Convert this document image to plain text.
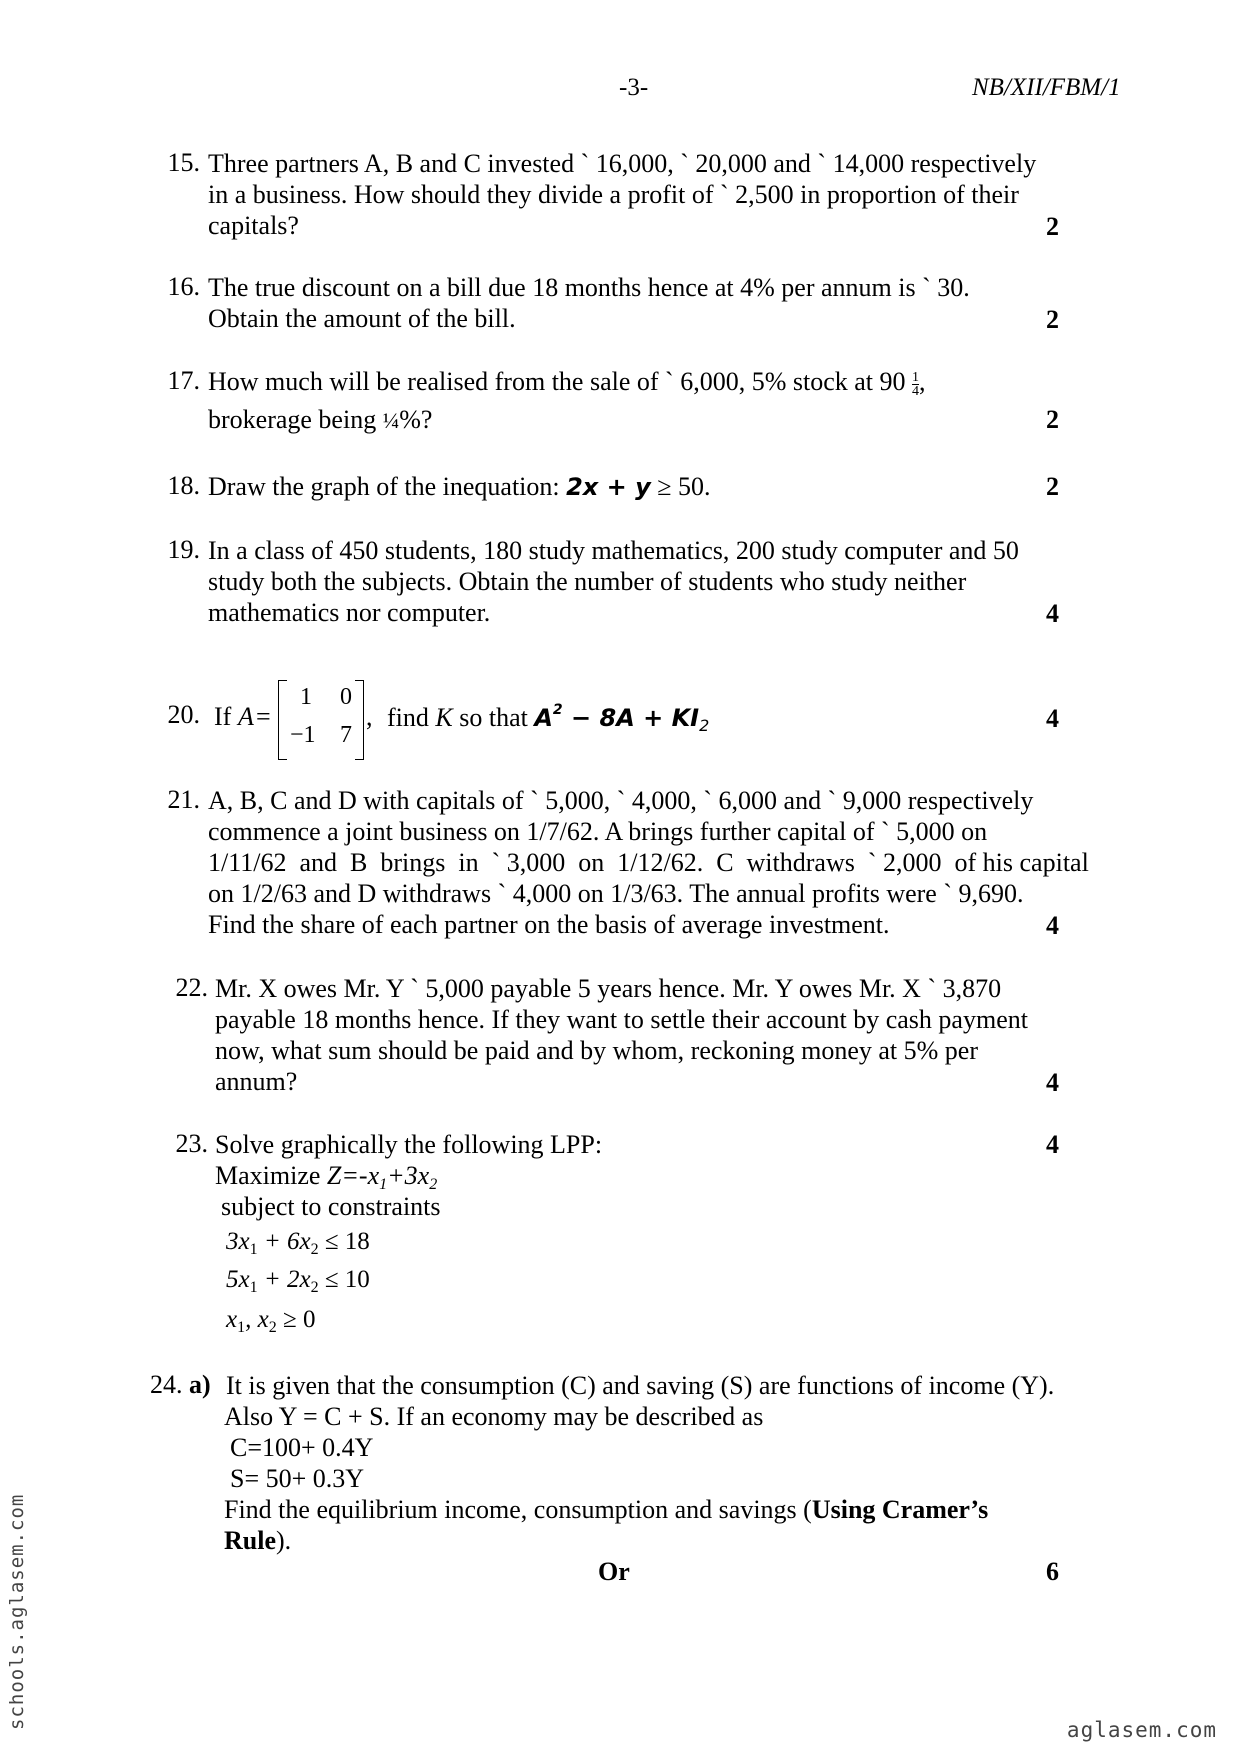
-3-	NB/XII/FBM/1
15. Three partners A, B and C invested ` 16,000, ` 20,000 and ` 14,000 respectively
in a business. How should they divide a profit of ` 2,500 in proportion of their
capitals?	2
16. The true discount on a bill due 18 months hence at 4% per annum is ` 30.
Obtain the amount of the bill.	2
17. How much will be realised from the sale of ` 6,000, 5% stock at $90 \frac{1}{4}$ ,
brokerage being ¼%?	2
18. Draw the graph of the inequation: 2x + y ≥ 50.	2
19. In a class of 450 students, 180 study mathematics, 200 study computer and 50
study both the subjects. Obtain the number of students who study neither
mathematics nor computer.	4
20. If A =
1 0
−1 7
, find K so that $A^2 - 8A + KI_2$	4
21. A, B, C and D with capitals of ` 5,000, ` 4,000, ` 6,000 and ` 9,000 respectively
commence a joint business on 1/7/62. A brings further capital of ` 5,000 on
1/11/62  and  B  brings  in  ` 3,000  on  1/12/62.  C  withdraws  ` 2,000  of his capital
on 1/2/63 and D withdraws ` 4,000 on 1/3/63. The annual profits were ` 9,690.
Find the share of each partner on the basis of average investment.	4
22. Mr. X owes Mr. Y ` 5,000 payable 5 years hence. Mr. Y owes Mr. X ` 3,870
payable 18 months hence. If they want to settle their account by cash payment
now, what sum should be paid and by whom, reckoning money at 5% per
annum?	4
23. Solve graphically the following LPP:	4
Maximize $Z=-x_1+3x_2$
subject to constraints
$3x_1 + 6x_2 \le 18$
$5x_1 + 2x_2 \le 10$
$x_1$, $x_2 \ge 0$
24. a) It is given that the consumption (C) and saving (S) are functions of income (Y).
Also Y = C + S. If an economy may be described as
C=100+ 0.4Y
S= 50+ 0.3Y
Find the equilibrium income, consumption and savings (Using Cramer’s
Rule).
Or	6
schools.aglasem.com	aglasem.com
